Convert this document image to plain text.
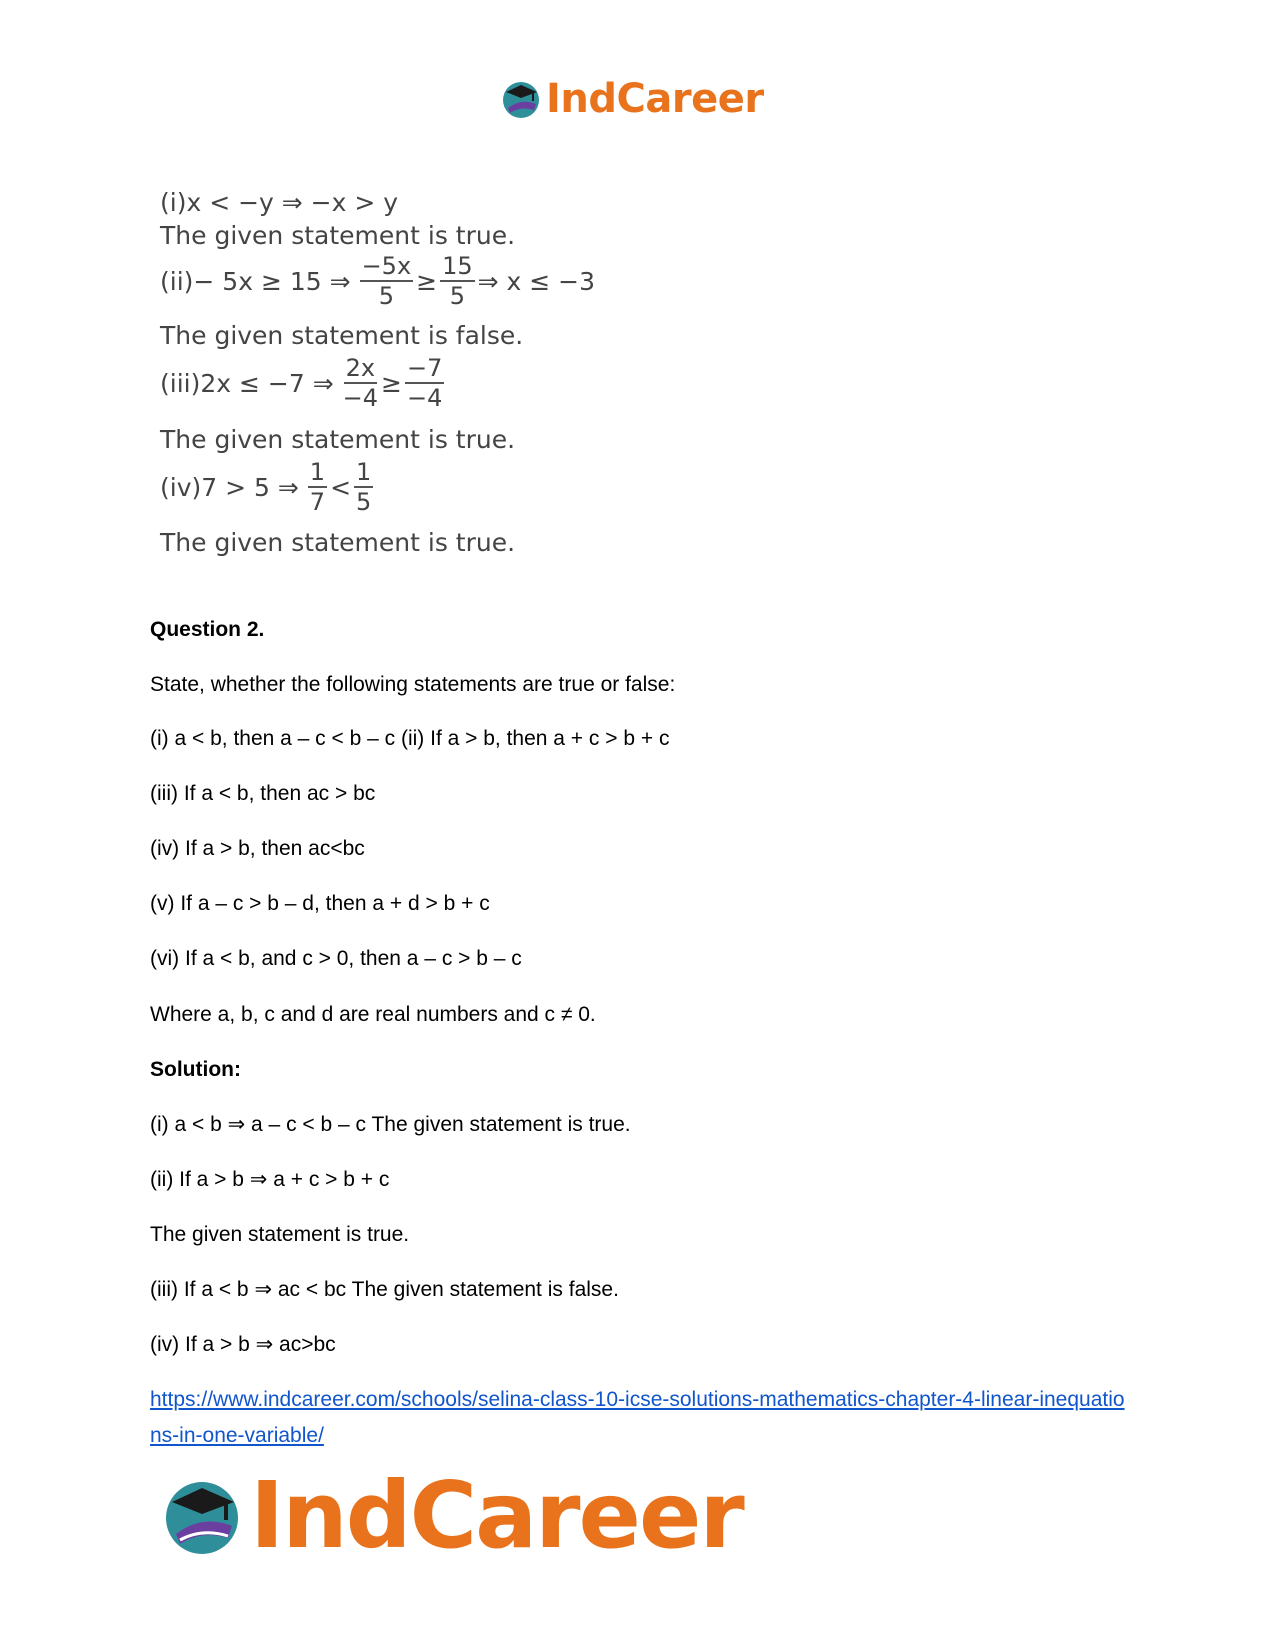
IndCareer
(i) x < −y ⇒ −x > y
The given statement is true.
(ii) − 5x ≥ 15 ⇒ $\frac{-5x}{5} \ge \frac{15}{5}$ ⇒ x ≤ −3
The given statement is false.
(iii) 2x ≤ −7 ⇒ $\frac{2x}{-4} \ge \frac{-7}{-4}$
The given statement is true.
(iv) 7 > 5 ⇒ $\frac{1}{7} < \frac{1}{5}$
The given statement is true.
Question 2.
State, whether the following statements are true or false:
(i) a < b, then a – c < b – c (ii) If a > b, then a + c > b + c
(iii) If a < b, then ac > bc
(iv) If a > b, then ac<bc
(v) If a – c > b – d, then a + d > b + c
(vi) If a < b, and c > 0, then a – c > b – c
Where a, b, c and d are real numbers and c ≠ 0.
Solution:
(i) a < b ⇒ a – c < b – c The given statement is true.
(ii) If a > b ⇒ a + c > b + c
The given statement is true.
(iii) If a < b ⇒ ac < bc The given statement is false.
(iv) If a > b ⇒ ac>bc
https://www.indcareer.com/schools/selina-class-10-icse-solutions-mathematics-chapter-4-linear-inequations-in-one-variable/
IndCareer
